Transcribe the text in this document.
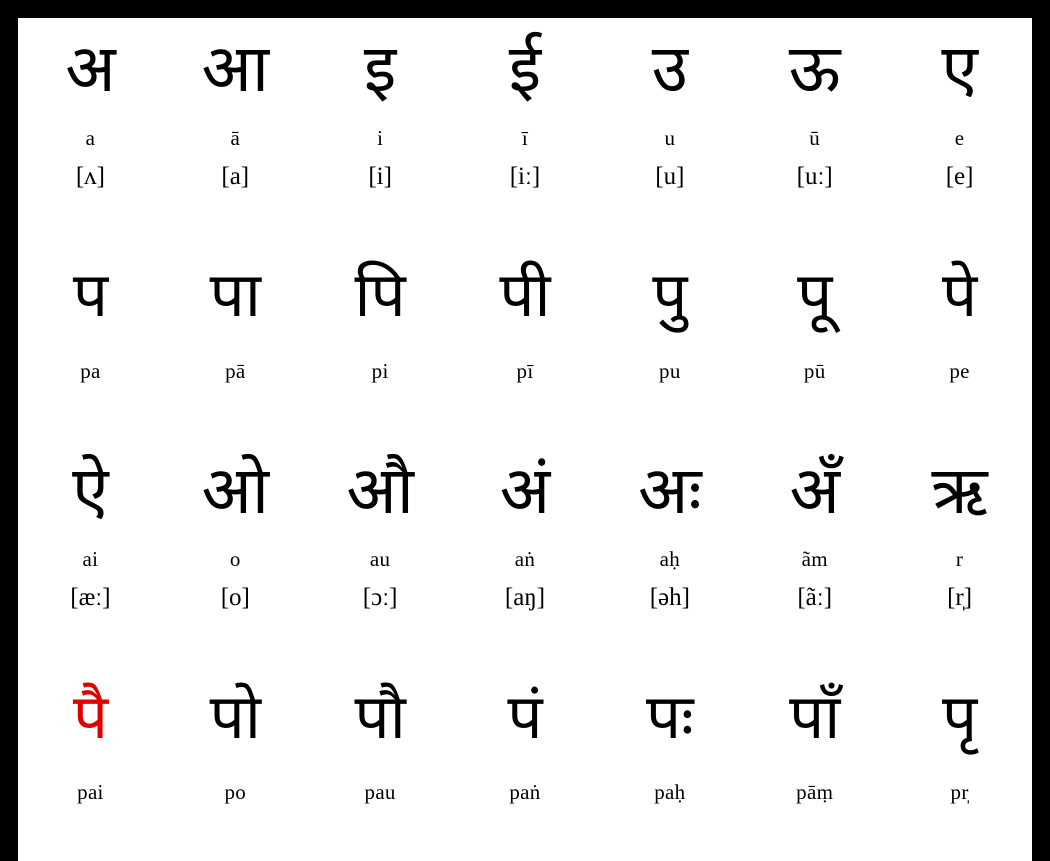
अ
a
[ʌ]
आ
ā
[a]
इ
i
[i]
ई
ī
[iː]
उ
u
[u]
ऊ
ū
[uː]
ए
e
[e]
प
pa
पा
pā
प
pi
प
pī
प
pu
प
pū
प
pe
ऐ
ai
[æː]
ओ
o
[o]
औ
au
[ɔː]
अं
aṅ
[aŋ]
अः
aḥ
[əh]
अँ
ãm
[ãː]
ऋ
r
[r̩]
प
pai
प
po
प
pau
प
paṅ
प
paḥ
पा
pāṃ
प
pr̩
